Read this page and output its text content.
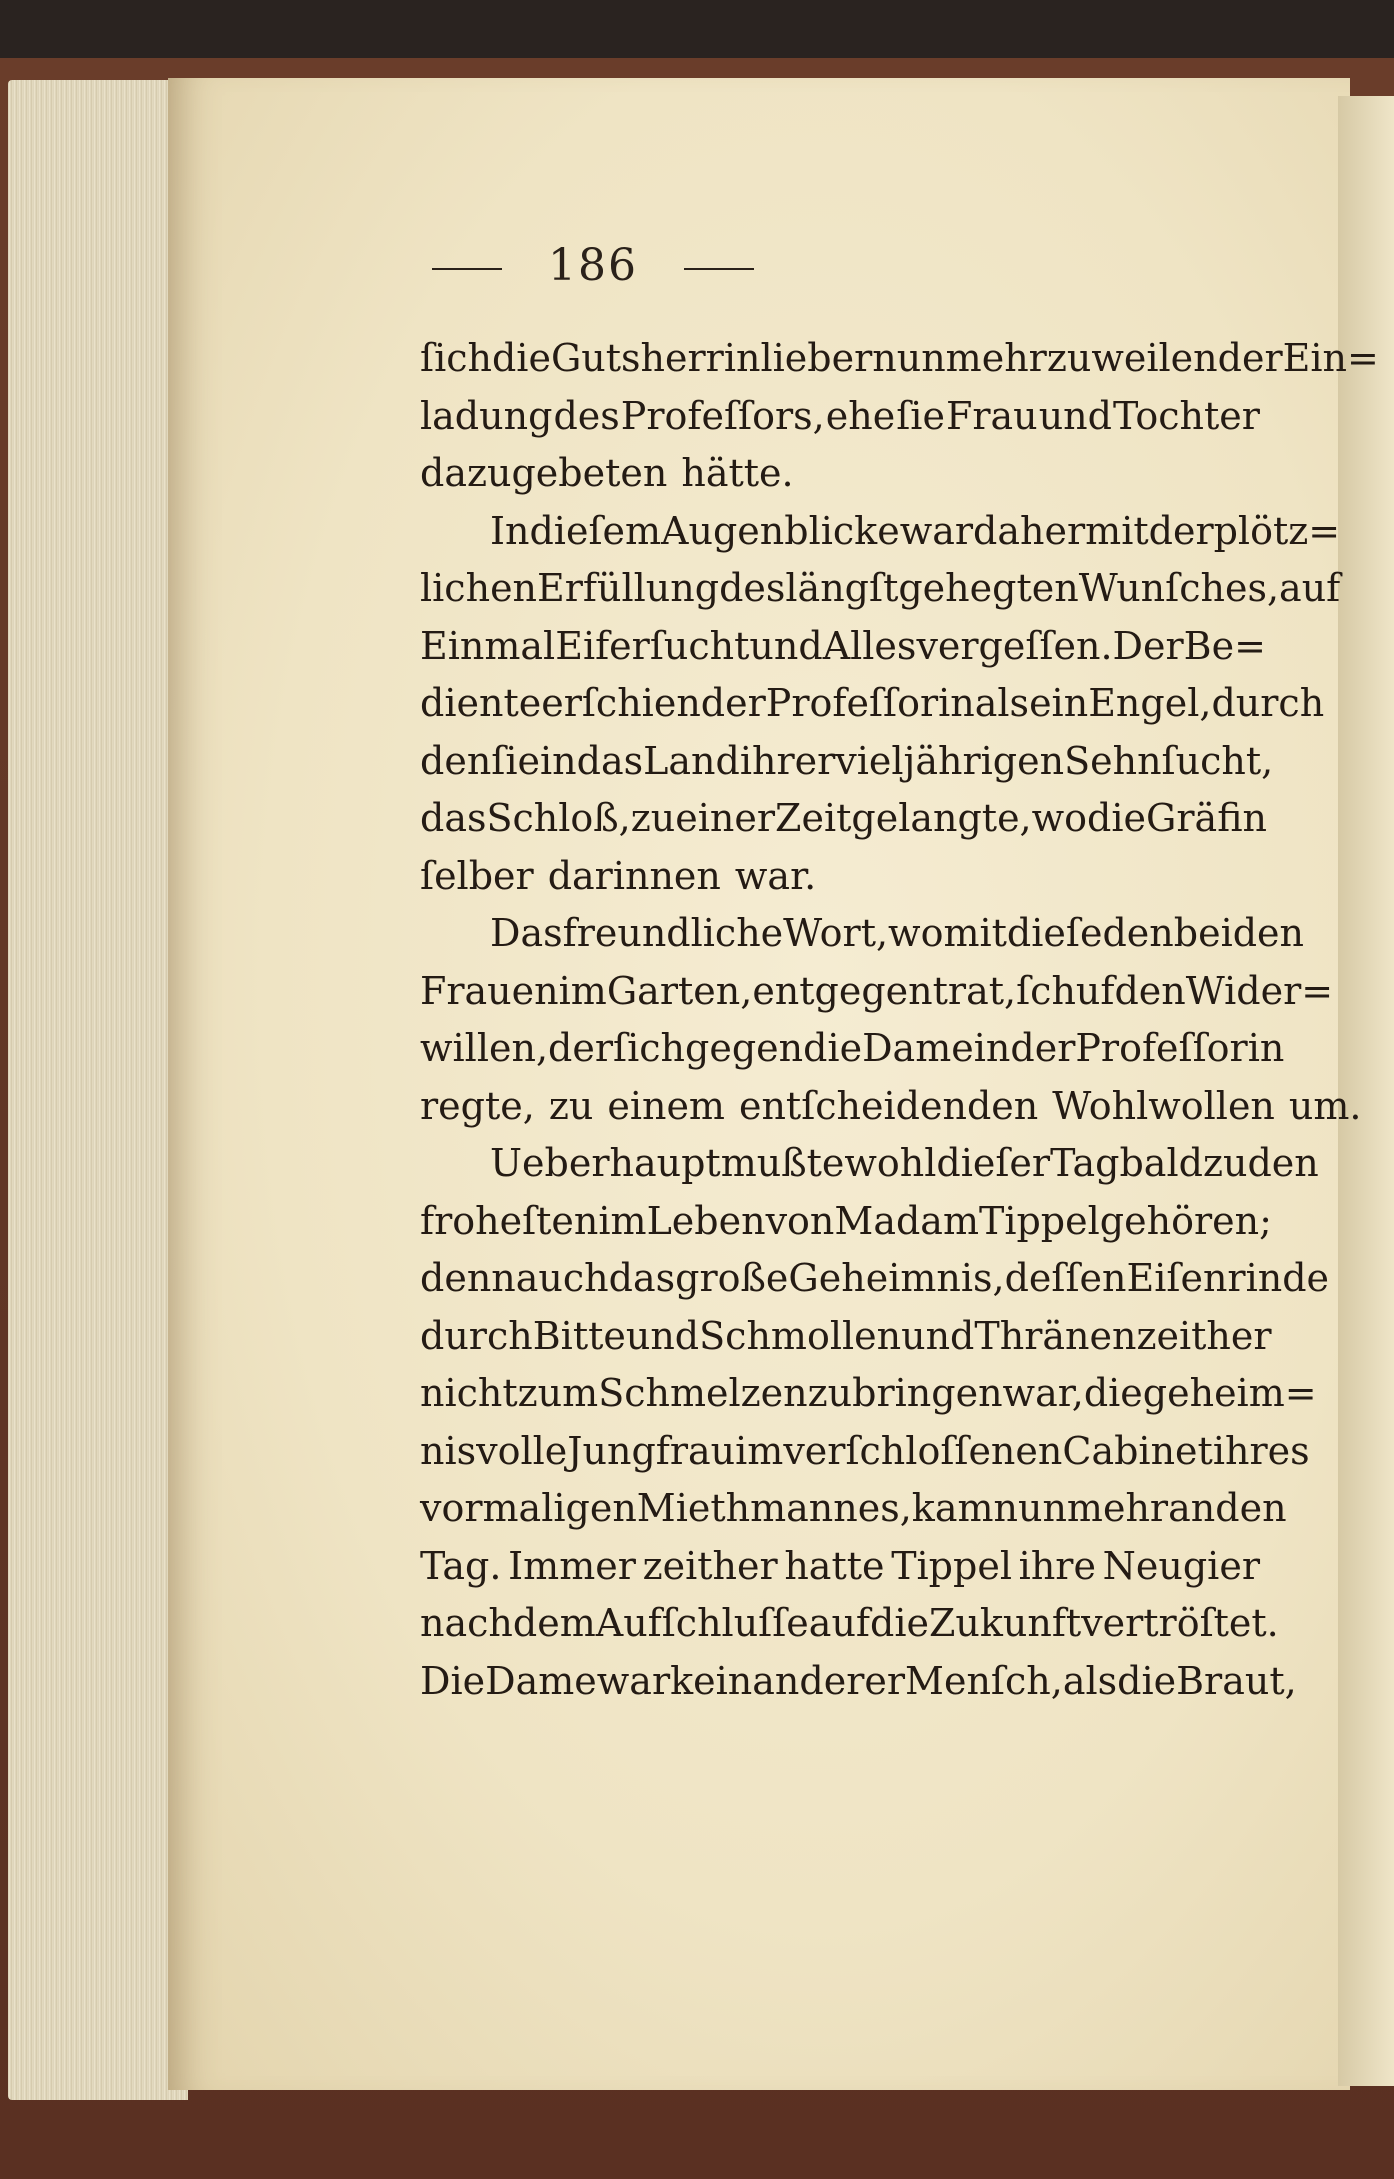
186
ſich die Gutsherrin lieber nunmehr zuweilen der Ein=
ladung des Profeſſors, ehe ſie Frau und Tochter
dazugebeten hätte.
In dieſem Augenblicke war daher mit der plötz=
lichen Erfüllung des längſt gehegten Wunſches, auf
Einmal Eiferſucht und Alles vergeſſen. Der Be=
diente erſchien der Profeſſorin als ein Engel, durch
den ſie in das Land ihrer vieljährigen Sehnſucht,
das Schloß, zu einer Zeit gelangte, wo die Gräfin
ſelber darinnen war.
Das freundliche Wort, womit dieſe den beiden
Frauen im Garten, entgegen trat, ſchuf den Wider=
willen, der ſich gegen die Dame in der Profeſſorin
regte, zu einem entſcheidenden Wohlwollen um.
Ueberhaupt mußte wohl dieſer Tag bald zu den
froheſten im Leben von Madam Tippel gehören;
denn auch das große Geheimnis, deſſen Eiſenrinde
durch Bitte und Schmollen und Thränen zeither
nicht zum Schmelzen zu bringen war, die geheim=
nisvolle Jungfrau im verſchloſſenen Cabinet ihres
vormaligen Miethmannes, kam nunmehr an den
Tag. Immer zeither hatte Tippel ihre Neugier
nach dem Aufſchluſſe auf die Zukunft vertröſtet.
Die Dame war kein anderer Menſch, als die Braut,
